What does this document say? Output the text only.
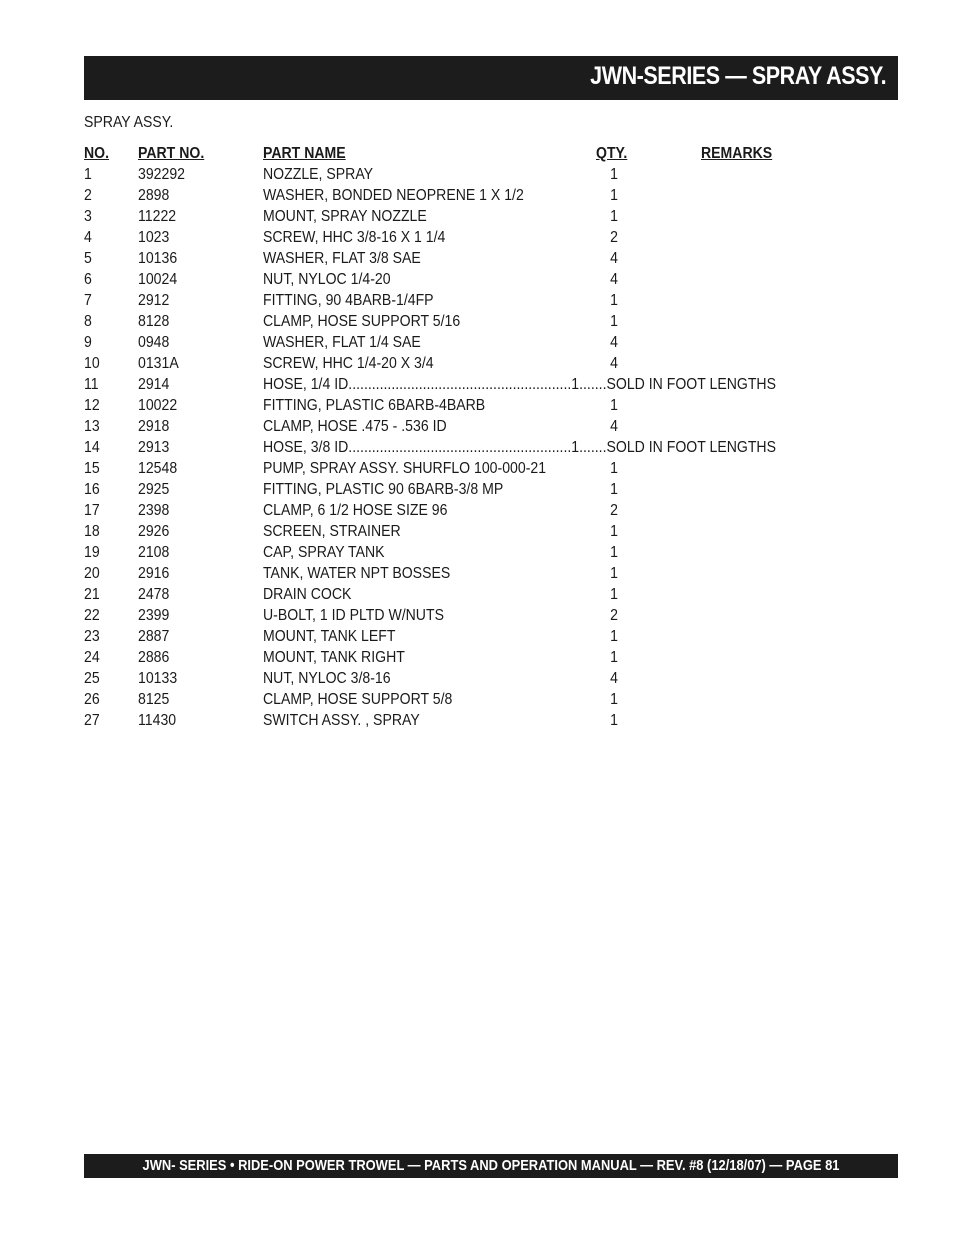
JWN-SERIES — SPRAY ASSY.
SPRAY ASSY.
NO. PART NO.	PART NAME	QTY.	REMARKS
1	392292	NOZZLE, SPRAY	1
2	2898	WASHER, BONDED NEOPRENE 1 X 1/2	1
3	11222	MOUNT, SPRAY NOZZLE	1
4	1023	SCREW, HHC 3/8-16 X 1 1/4	2
5	10136	WASHER, FLAT 3/8 SAE	4
6	10024	NUT, NYLOC 1/4-20	4
7	2912	FITTING, 90 4BARB-1/4FP	1
8	8128	CLAMP, HOSE SUPPORT 5/16	1
9	0948	WASHER, FLAT 1/4 SAE	4
10 0131A	SCREW, HHC 1/4-20 X 3/4	4
11 2914	HOSE, 1/4 ID.........................................................1.......SOLD IN FOOT LENGTHS
12 10022	FITTING, PLASTIC 6BARB-4BARB	1
13 2918	CLAMP, HOSE .475 - .536 ID	4
14 2913	HOSE, 3/8 ID.........................................................1.......SOLD IN FOOT LENGTHS
15 12548	PUMP, SPRAY ASSY. SHURFLO 100-000-21	1
16 2925	FITTING, PLASTIC 90 6BARB-3/8 MP	1
17 2398	CLAMP, 6 1/2 HOSE SIZE 96	2
18 2926	SCREEN, STRAINER	1
19 2108	CAP, SPRAY TANK	1
20 2916	TANK, WATER NPT BOSSES	1
21 2478	DRAIN COCK	1
22 2399	U-BOLT, 1 ID PLTD W/NUTS	2
23 2887	MOUNT, TANK LEFT	1
24 2886	MOUNT, TANK RIGHT	1
25 10133	NUT, NYLOC 3/8-16	4
26 8125	CLAMP, HOSE SUPPORT 5/8	1
27 11430	SWITCH ASSY. , SPRAY	1
JWN- SERIES • RIDE-ON POWER TROWEL — PARTS AND OPERATION MANUAL — REV. #8 (12/18/07) — PAGE 81
